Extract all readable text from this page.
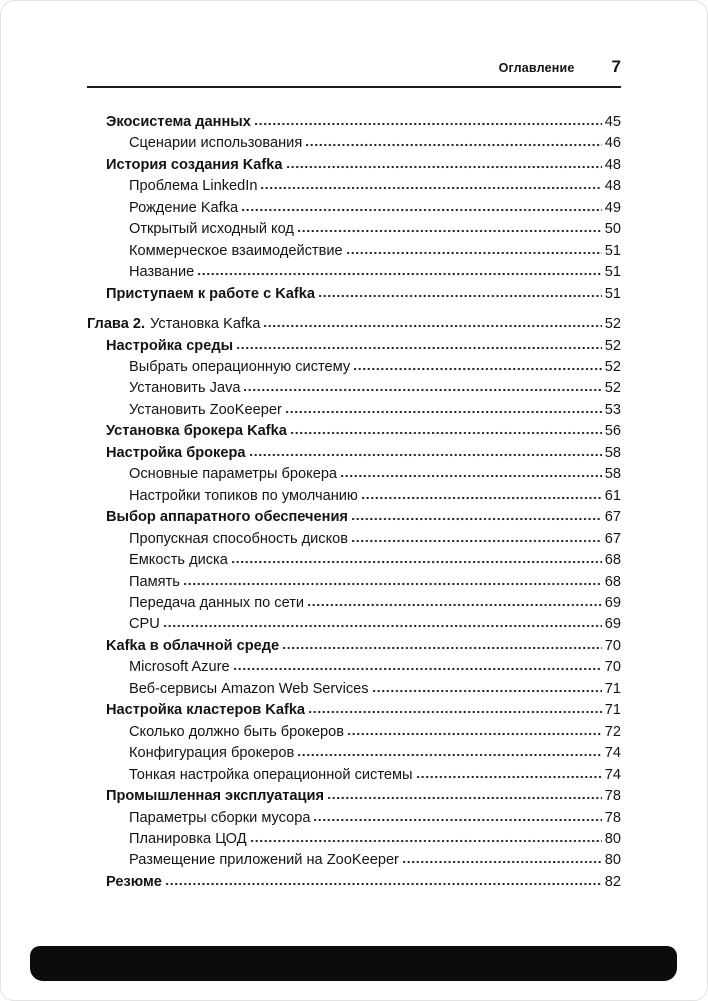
Оглавление 7
Экосистема данных	45
Сценарии использования	46
История создания Kafka	48
Проблема LinkedIn	48
Рождение Kafka	49
Открытый исходный код	50
Коммерческое взаимодействие	51
Название	51
Приступаем к работе с Kafka	51
Глава 2. Установка Kafka	52
Настройка среды	52
Выбрать операционную систему	52
Установить Java	52
Установить ZooKeeper	53
Установка брокера Kafka	56
Настройка брокера	58
Основные параметры брокера	58
Настройки топиков по умолчанию	61
Выбор аппаратного обеспечения	67
Пропускная способность дисков	67
Емкость диска	68
Память	68
Передача данных по сети	69
CPU	69
Kafka в облачной среде	70
Microsoft Azure	70
Веб-сервисы Amazon Web Services	71
Настройка кластеров Kafka	71
Сколько должно быть брокеров	72
Конфигурация брокеров	74
Тонкая настройка операционной системы	74
Промышленная эксплуатация	78
Параметры сборки мусора	78
Планировка ЦОД	80
Размещение приложений на ZooKeeper	80
Резюме	82
